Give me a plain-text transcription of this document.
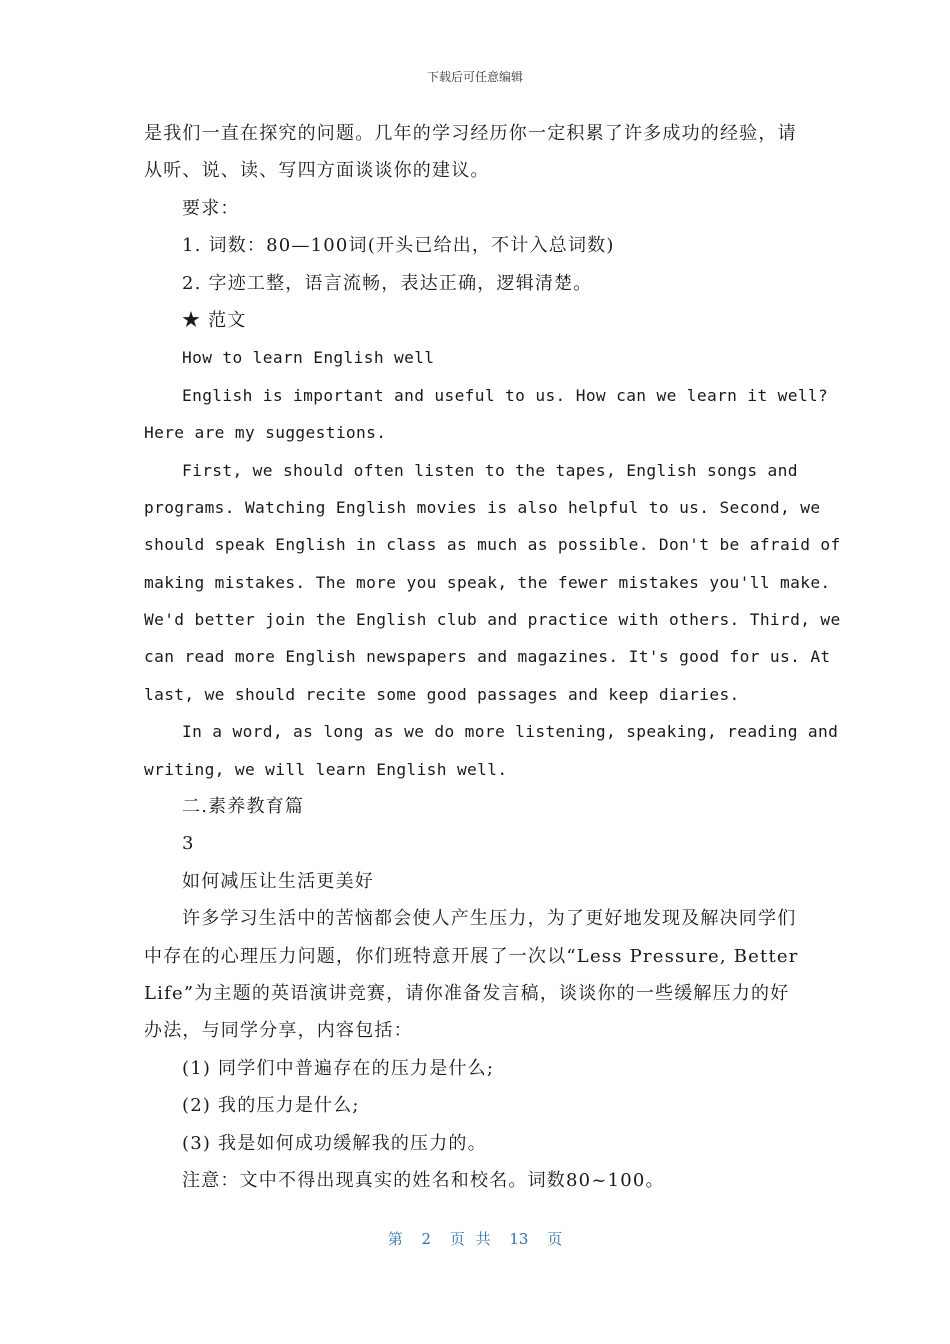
下载后可任意编辑
是我们一直在探究的问题。几年的学习经历你一定积累了许多成功的经验，请
从听、说、读、写四方面谈谈你的建议。
要求：
1. 词数：80—100词(开头已给出，不计入总词数)
2. 字迹工整，语言流畅，表达正确，逻辑清楚。
★ 范文
How to learn English well
English is important and useful to us. How can we learn it well?
Here are my suggestions.
First, we should often listen to the tapes, English songs and
programs. Watching English movies is also helpful to us. Second, we
should speak English in class as much as possible. Don't be afraid of
making mistakes. The more you speak, the fewer mistakes you'll make.
We'd better join the English club and practice with others. Third, we
can read more English newspapers and magazines. It's good for us. At
last, we should recite some good passages and keep diaries.
In a word, as long as we do more listening, speaking, reading and
writing, we will learn English well.
二.素养教育篇
3
如何减压让生活更美好
许多学习生活中的苦恼都会使人产生压力，为了更好地发现及解决同学们
中存在的心理压力问题，你们班特意开展了一次以“Less Pressure, Better
Life”为主题的英语演讲竞赛，请你准备发言稿，谈谈你的一些缓解压力的好
办法，与同学分享，内容包括：
(1) 同学们中普遍存在的压力是什么;
(2) 我的压力是什么;
(3) 我是如何成功缓解我的压力的。
注意：文中不得出现真实的姓名和校名。词数80~100。
第 2 页 共 13 页
